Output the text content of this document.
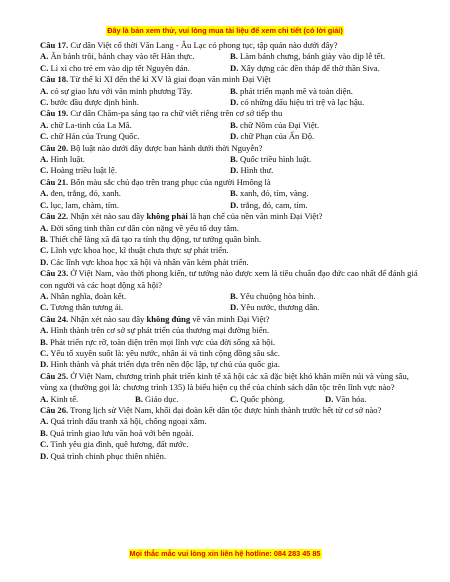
Đây là bản xem thử, vui lòng mua tài liệu để xem chi tiết (có lời giải)

Câu 17. Cư dân Việt cổ thời Văn Lang - Âu Lạc có phong tục, tập quán nào dưới đây?

A. Ăn bánh trôi, bánh chay vào tết Hàn thực.	B. Làm bánh chưng, bánh giày vào dịp lễ tết.
C. Lì xì cho trẻ em vào dịp tết Nguyên đán.	D. Xây dựng các đền tháp để thờ thần Siva.

Câu 18. Từ thế kỉ XI đến thế kỉ XV là giai đoạn văn minh Đại Việt

A. có sự giao lưu với văn minh phương Tây.	B. phát triển mạnh mẽ và toàn diện.
C. bước đầu được định hình.	D. có những dấu hiệu trì trệ và lạc hậu.

Câu 19. Cư dân Chăm-pa sáng tạo ra chữ viết riêng trên cơ sở tiếp thu

A. chữ La-tinh của La Mã.	B. chữ Nôm của Đại Việt.
C. chữ Hán của Trung Quốc.	D. chữ Phạn của Ấn Độ.

Câu 20. Bộ luật nào dưới đây được ban hành dưới thời Nguyễn?

A. Hình luật.	B. Quốc triều hình luật.
C. Hoàng triều luật lệ.	D. Hình thư.

Câu 21. Bốn màu sắc chủ đạo trên trang phục của người Hmông là

A. đen, trắng, đỏ, xanh.	B. xanh, đỏ, tím, vàng.
C. lục, lam, chàm, tím.	D. trắng, đỏ, cam, tím.

Câu 22. Nhận xét nào sau đây không phải là hạn chế của nền văn minh Đại Việt?

A. Đời sống tinh thần cư dân còn nặng về yếu tố duy tâm.

B. Thiết chế làng xã đã tạo ra tính thụ động, tư tưởng quân bình.

C. Lĩnh vực khoa học, kĩ thuật chưa thực sự phát triển.

D. Các lĩnh vực khoa học xã hội và nhân văn kém phát triển.

Câu 23. Ở Việt Nam, vào thời phong kiến, tư tưởng nào được xem là tiêu chuẩn đạo đức cao nhất để đánh giá con người và các hoạt động xã hội?

A. Nhân nghĩa, đoàn kết.	B. Yêu chuộng hòa bình.
C. Tương thân tương ái.	D. Yêu nước, thương dân.

Câu 24. Nhận xét nào sau đây không đúng về văn minh Đại Việt?

A. Hình thành trên cơ sở sự phát triển của thương mại đường biển.

B. Phát triển rực rỡ, toàn diện trên mọi lĩnh vực của đời sống xã hội.

C. Yếu tố xuyên suốt là: yêu nước, nhân ái và tinh cộng đồng sâu sắc.

D. Hình thành và phát triển dựa trên nền độc lập, tự chủ của quốc gia.

Câu 25. Ở Việt Nam, chương trình phát triển kinh tế xã hội các xã đặc biệt khó khăn miền núi và vùng sâu, vùng xa (thường gọi là: chương trình 135) là biểu hiện cụ thể của chính sách dân tộc trên lĩnh vực nào?

A. Kinh tế.	B. Giáo dục.	C. Quốc phòng.	D. Văn hóa.

Câu 26. Trong lịch sử Việt Nam, khối đại đoàn kết dân tộc được hình thành trước hết từ cơ sở nào?

A. Quá trình đấu tranh xã hội, chống ngoại xâm.

B. Quá trình giao lưu văn hoá với bên ngoài.

C. Tình yêu gia đình, quê hương, đất nước.

D. Quá trình chinh phục thiên nhiên.

Mọi thắc mắc vui lòng xin liên hệ hotline: 084 283 45 85
